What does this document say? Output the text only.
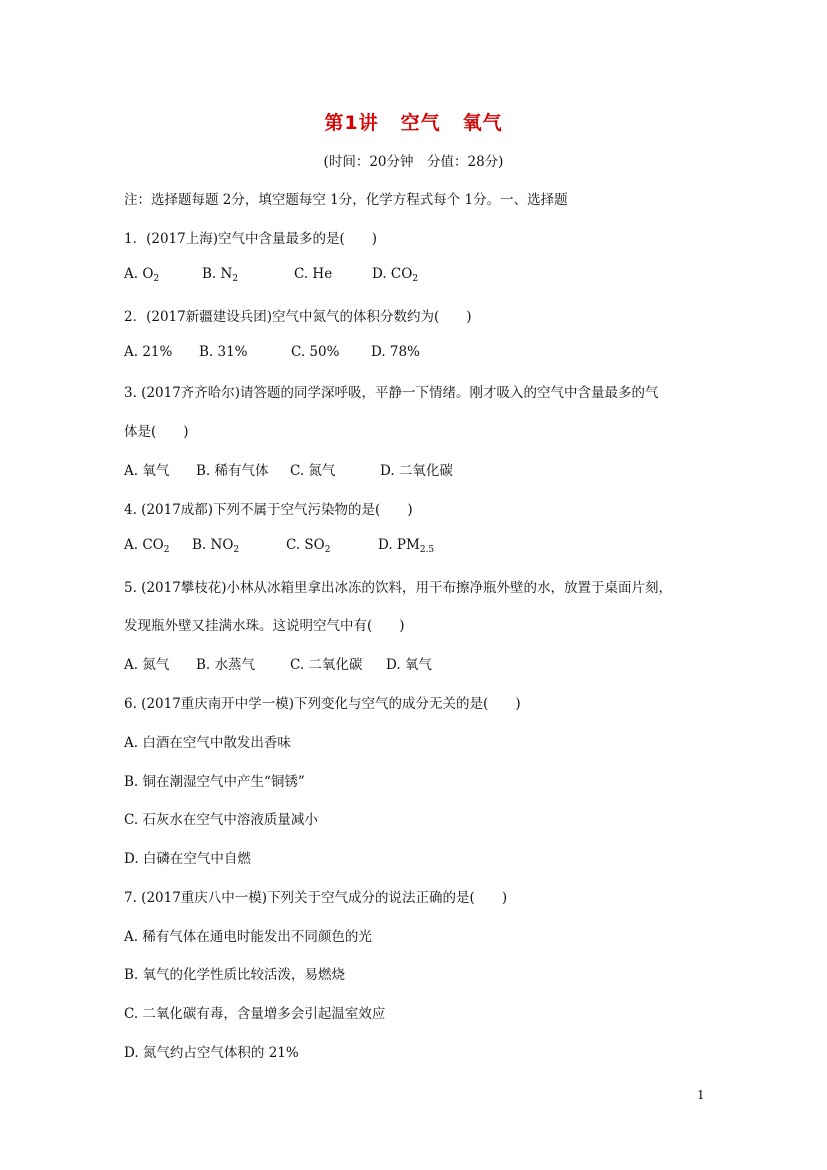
第1讲 空气 氧气
(时间：20分钟　分值：28分)
注：选择题每题 2分，填空题每空 1分，化学方程式每个 1分。一、选择题
1．(2017上海)空气中含量最多的是(　　)
A. $O_2$	B. $N_2$	C. He	D. $CO_2$
2．(2017新疆建设兵团)空气中氮气的体积分数约为(　　)
A. 21% B. 31%	C. 50% D. 78%
3. (2017齐齐哈尔)请答题的同学深呼吸，平静一下情绪。刚才吸入的空气中含量最多的气
体是(　　)
A. 氧气 B. 稀有气体 C. 氮气	D. 二氧化碳
4. (2017成都)下列不属于空气污染物的是(　　)
A. $CO_2$ B. $NO_2$	C. $SO_2$	D. $PM_{2.5}$
5. (2017攀枝花)小林从冰箱里拿出冰冻的饮料，用干布擦净瓶外壁的水，放置于桌面片刻，
发现瓶外壁又挂满水珠。这说明空气中有(　　)
A. 氮气 B. 水蒸气	C. 二氧化碳 D. 氧气
6. (2017重庆南开中学一模)下列变化与空气的成分无关的是(　　)
A. 白酒在空气中散发出香味
B. 铜在潮湿空气中产生“铜锈”
C. 石灰水在空气中溶液质量减小
D. 白磷在空气中自燃
7. (2017重庆八中一模)下列关于空气成分的说法正确的是(　　)
A. 稀有气体在通电时能发出不同颜色的光
B. 氧气的化学性质比较活泼，易燃烧
C. 二氧化碳有毒，含量增多会引起温室效应
D. 氮气约占空气体积的 21%
1
